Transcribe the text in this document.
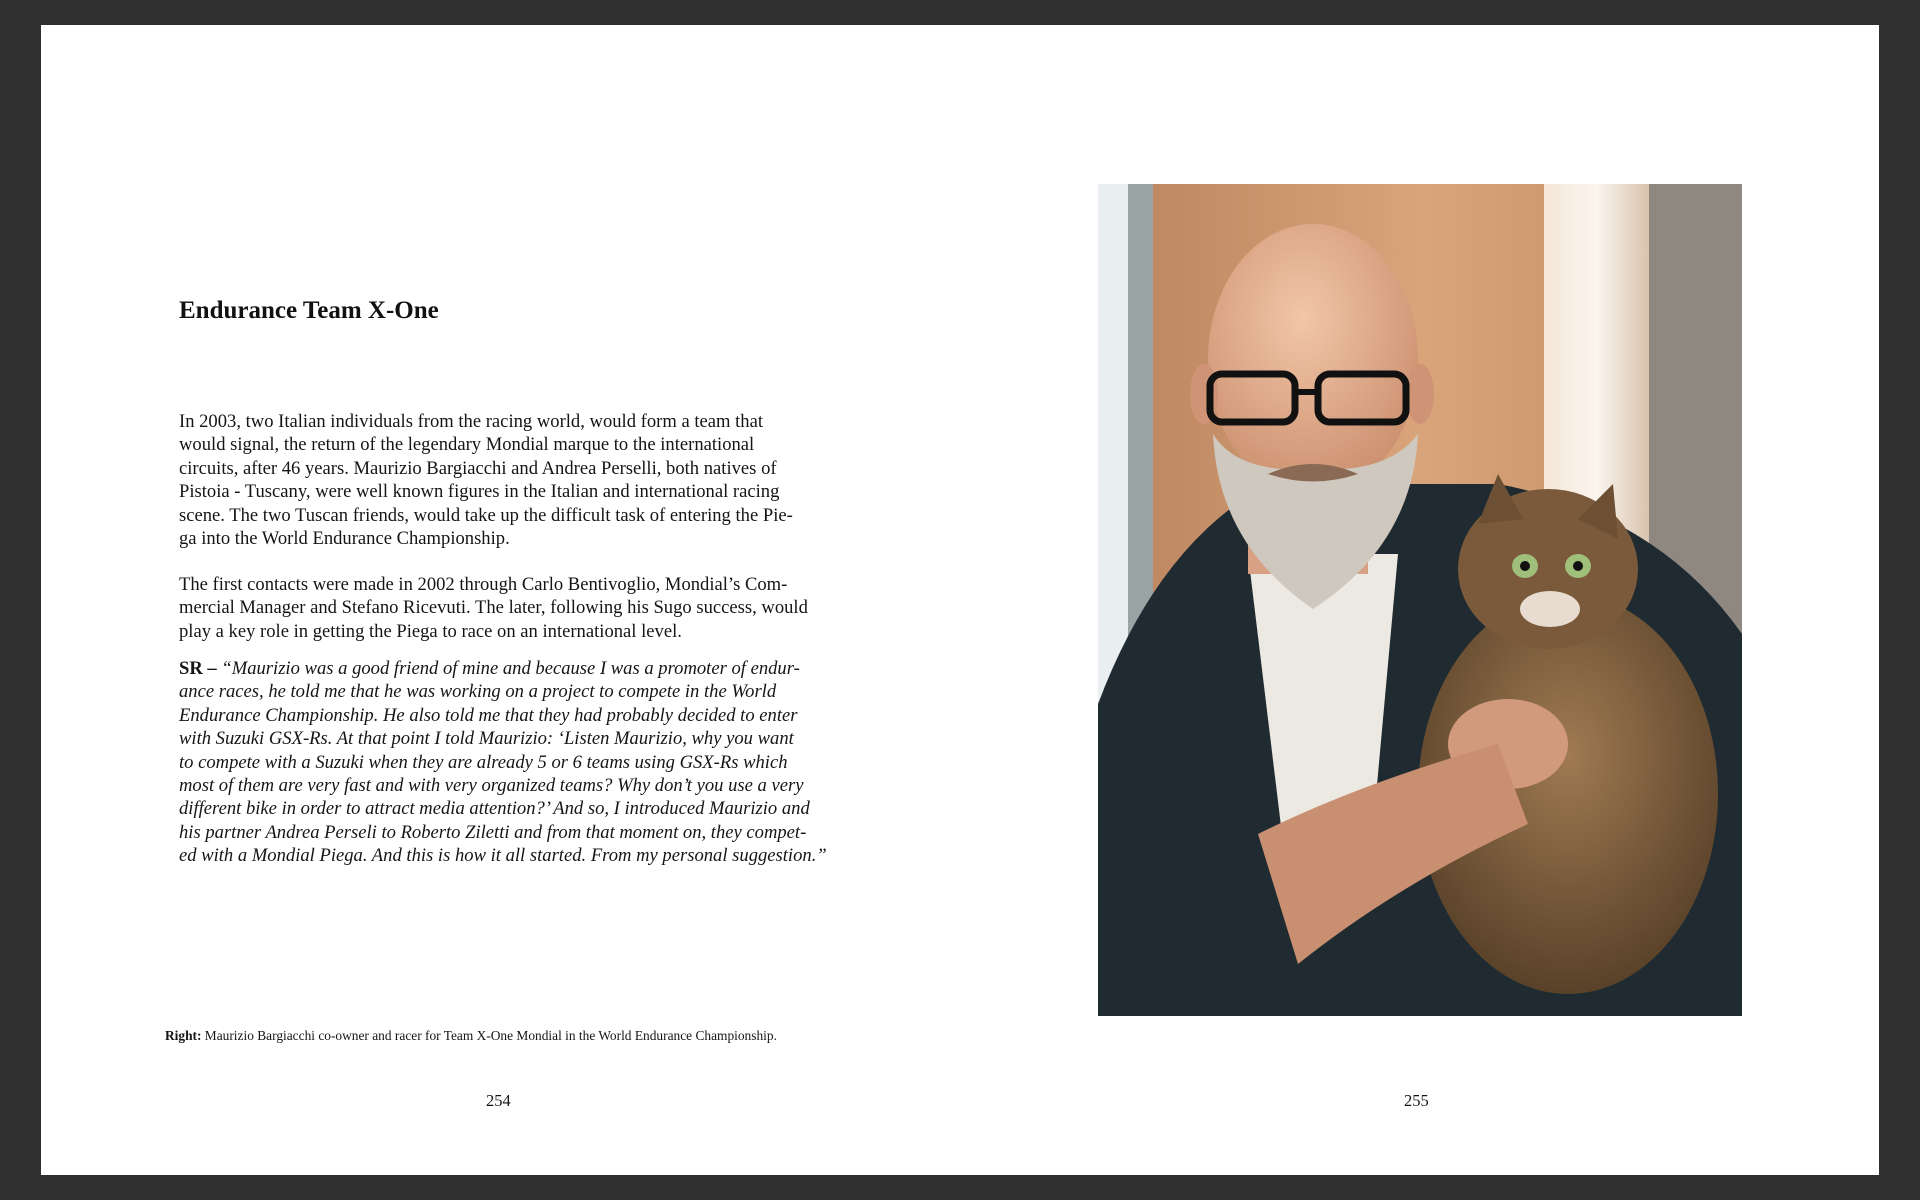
Endurance Team X-One
In 2003, two Italian individuals from the racing world, would form a team that
would signal, the return of the legendary Mondial marque to the international
circuits, after 46 years. Maurizio Bargiacchi and Andrea Perselli, both natives of
Pistoia - Tuscany, were well known figures in the Italian and international racing
scene. The two Tuscan friends, would take up the difficult task of entering the Pie-
ga into the World Endurance Championship.
The first contacts were made in 2002 through Carlo Bentivoglio, Mondial’s Com-
mercial Manager and Stefano Ricevuti. The later, following his Sugo success, would
play a key role in getting the Piega to race on an international level.
SR – “Maurizio was a good friend of mine and because I was a promoter of endur-
ance races, he told me that he was working on a project to compete in the World
Endurance Championship. He also told me that they had probably decided to enter
with Suzuki GSX-Rs. At that point I told Maurizio: ‘Listen Maurizio, why you want
to compete with a Suzuki when they are already 5 or 6 teams using GSX-Rs which
most of them are very fast and with very organized teams? Why don’t you use a very
different bike in order to attract media attention?’ And so, I introduced Maurizio and
his partner Andrea Perseli to Roberto Ziletti and from that moment on, they compet-
ed with a Mondial Piega. And this is how it all started. From my personal suggestion.”
Right: Maurizio Bargiacchi co-owner and racer for Team X-One Mondial in the World Endurance Championship.
254	255
